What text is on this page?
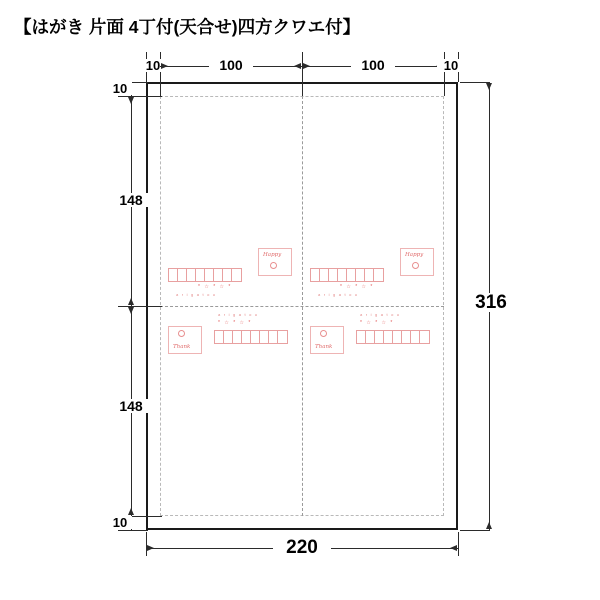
【はがき 片面 4丁付(天合せ)四方クワエ付】
Happy
* ☆ * ☆ *
a r i g a t o u
Happy
* ☆ * ☆ *
a r i g a t o u
Thank
* ☆ * ☆ *
a r i g a t o u
Thank
* ☆ * ☆ *
a r i g a t o u
10	100	100	10
10
148
148
10
220
316
